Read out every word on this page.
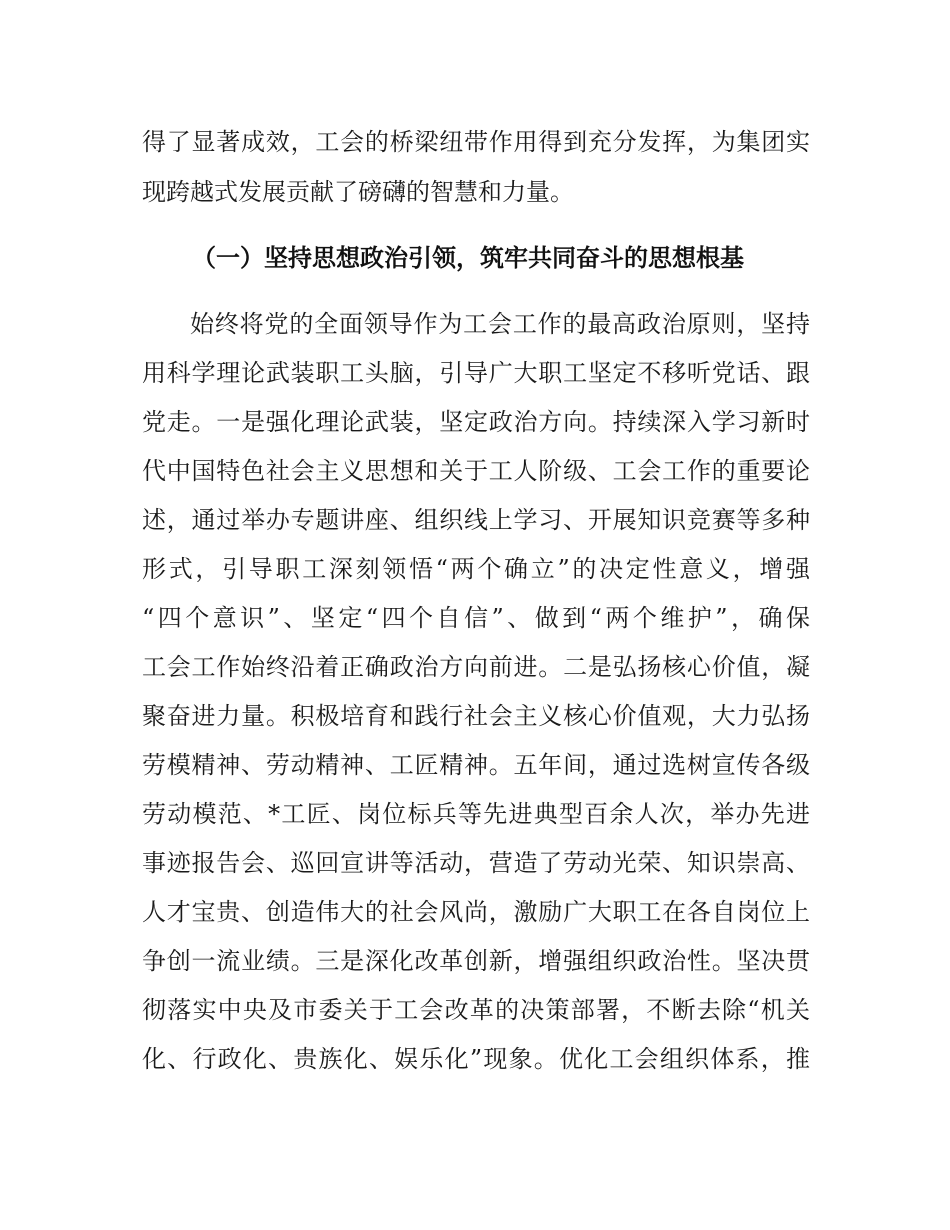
得了显著成效，工会的桥梁纽带作用得到充分发挥，为集团实
现跨越式发展贡献了磅礴的智慧和力量。
（一）坚持思想政治引领，筑牢共同奋斗的思想根基
始终将党的全面领导作为工会工作的最高政治原则，坚持
用科学理论武装职工头脑，引导广大职工坚定不移听党话、跟
党走。一是强化理论武装，坚定政治方向。持续深入学习新时
代中国特色社会主义思想和关于工人阶级、工会工作的重要论
述，通过举办专题讲座、组织线上学习、开展知识竞赛等多种
形式，引导职工深刻领悟“两个确立”的决定性意义，增强
“四个意识”、坚定“四个自信”、做到“两个维护”，确保
工会工作始终沿着正确政治方向前进。二是弘扬核心价值，凝
聚奋进力量。积极培育和践行社会主义核心价值观，大力弘扬
劳模精神、劳动精神、工匠精神。五年间，通过选树宣传各级
劳动模范、*工匠、岗位标兵等先进典型百余人次，举办先进
事迹报告会、巡回宣讲等活动，营造了劳动光荣、知识崇高、
人才宝贵、创造伟大的社会风尚，激励广大职工在各自岗位上
争创一流业绩。三是深化改革创新，增强组织政治性。坚决贯
彻落实中央及市委关于工会改革的决策部署，不断去除“机关
化、行政化、贵族化、娱乐化”现象。优化工会组织体系，推
